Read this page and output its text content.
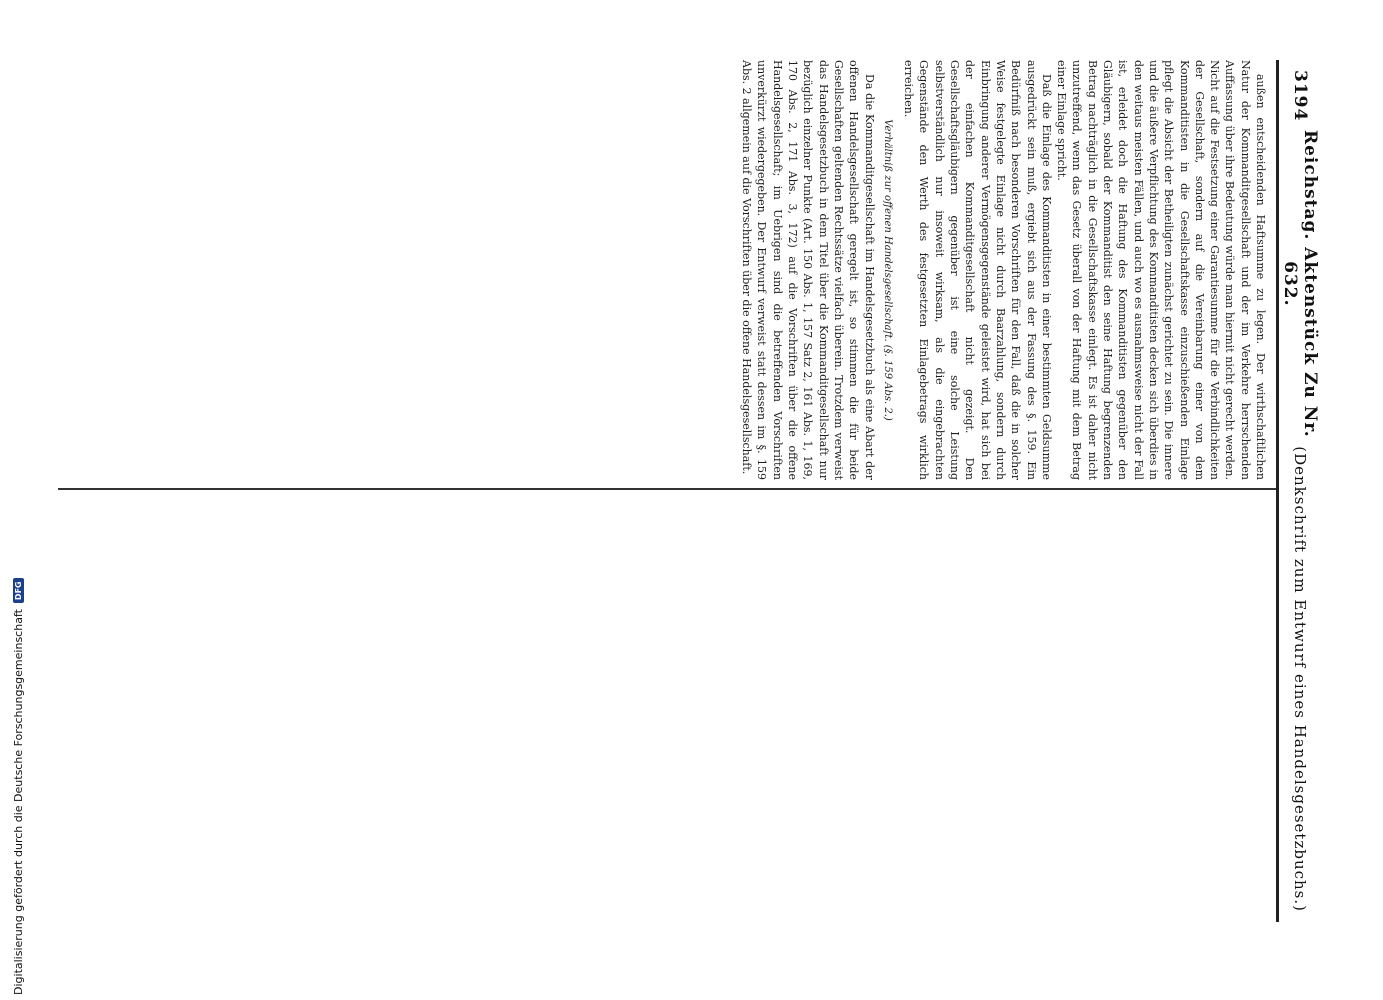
3194
Reichstag. Aktenstück Zu Nr. 632.
(Denkschrift zum Entwurf eines Handelsgesetzbuchs.)

außen entscheidenden Haftsumme zu legen. Der wirthschaftlichen Natur der Kommanditgesellschaft und der im Verkehre herrschenden Auffassung über ihre Bedeutung würde man hiermit nicht gerecht werden. Nicht auf die Festsetzung einer Garantiesumme für die Verbindlichkeiten der Gesellschaft, sondern auf die Vereinbarung einer von dem Kommanditisten in die Gesellschaftskasse einzuschießenden Einlage pflegt die Absicht der Betheiligten zunächst gerichtet zu sein. Die innere und die äußere Verpflichtung des Kommanditisten decken sich überdies in den weitaus meisten Fällen, und auch wo es ausnahmsweise nicht der Fall ist, erleidet doch die Haftung des Kommanditisten gegenüber den Gläubigern, sobald der Kommanditist den seine Haftung begrenzenden Betrag nachträglich in die Gesellschaftskasse einlegt. Es ist daher nicht unzutreffend, wenn das Gesetz überall von der Haftung mit dem Betrag einer Einlage spricht.

Daß die Einlage des Kommanditisten in einer bestimmten Geldsumme ausgedrückt sein muß, ergiebt sich aus der Fassung des §. 159. Ein Bedürfniß nach besonderen Vorschriften für den Fall, daß die in solcher Weise festgelegte Einlage nicht durch Baarzahlung, sondern durch Einbringung anderer Vermögensgegenstände geleistet wird, hat sich bei der einfachen Kommanditgesellschaft nicht gezeigt. Den Gesellschaftsgläubigern gegenüber ist eine solche Leistung selbstverständlich nur insoweit wirksam, als die eingebrachten Gegenstände den Werth des festgesetzten Einlagebetrags wirklich erreichen.

Verhältniß zur offenen Handelsgesellschaft. (§. 159 Abs. 2.)

Da die Kommanditgesellschaft im Handelsgesetzbuch als eine Abart der offenen Handelsgesellschaft geregelt ist, so stimmen die für beide Gesellschaften geltenden Rechtssätze vielfach überein. Trotzdem verweist das Handelsgesetzbuch in dem Titel über die Kommanditgesellschaft nur bezüglich einzelner Punkte (Art. 150 Abs. 1, 157 Satz 2, 161 Abs. 1, 169, 170 Abs. 2, 171 Abs. 3, 172) auf die Vorschriften über die offene Handelsgesellschaft; im Uebrigen sind die betreffenden Vorschriften unverkürzt wiedergegeben. Der Entwurf verweist statt dessen im §. 159 Abs. 2 allgemein auf die Vorschriften über die offene Handelsgesellschaft.

Digitalisierung gefördert durch die Deutsche Forschungsgemeinschaft
DFG
